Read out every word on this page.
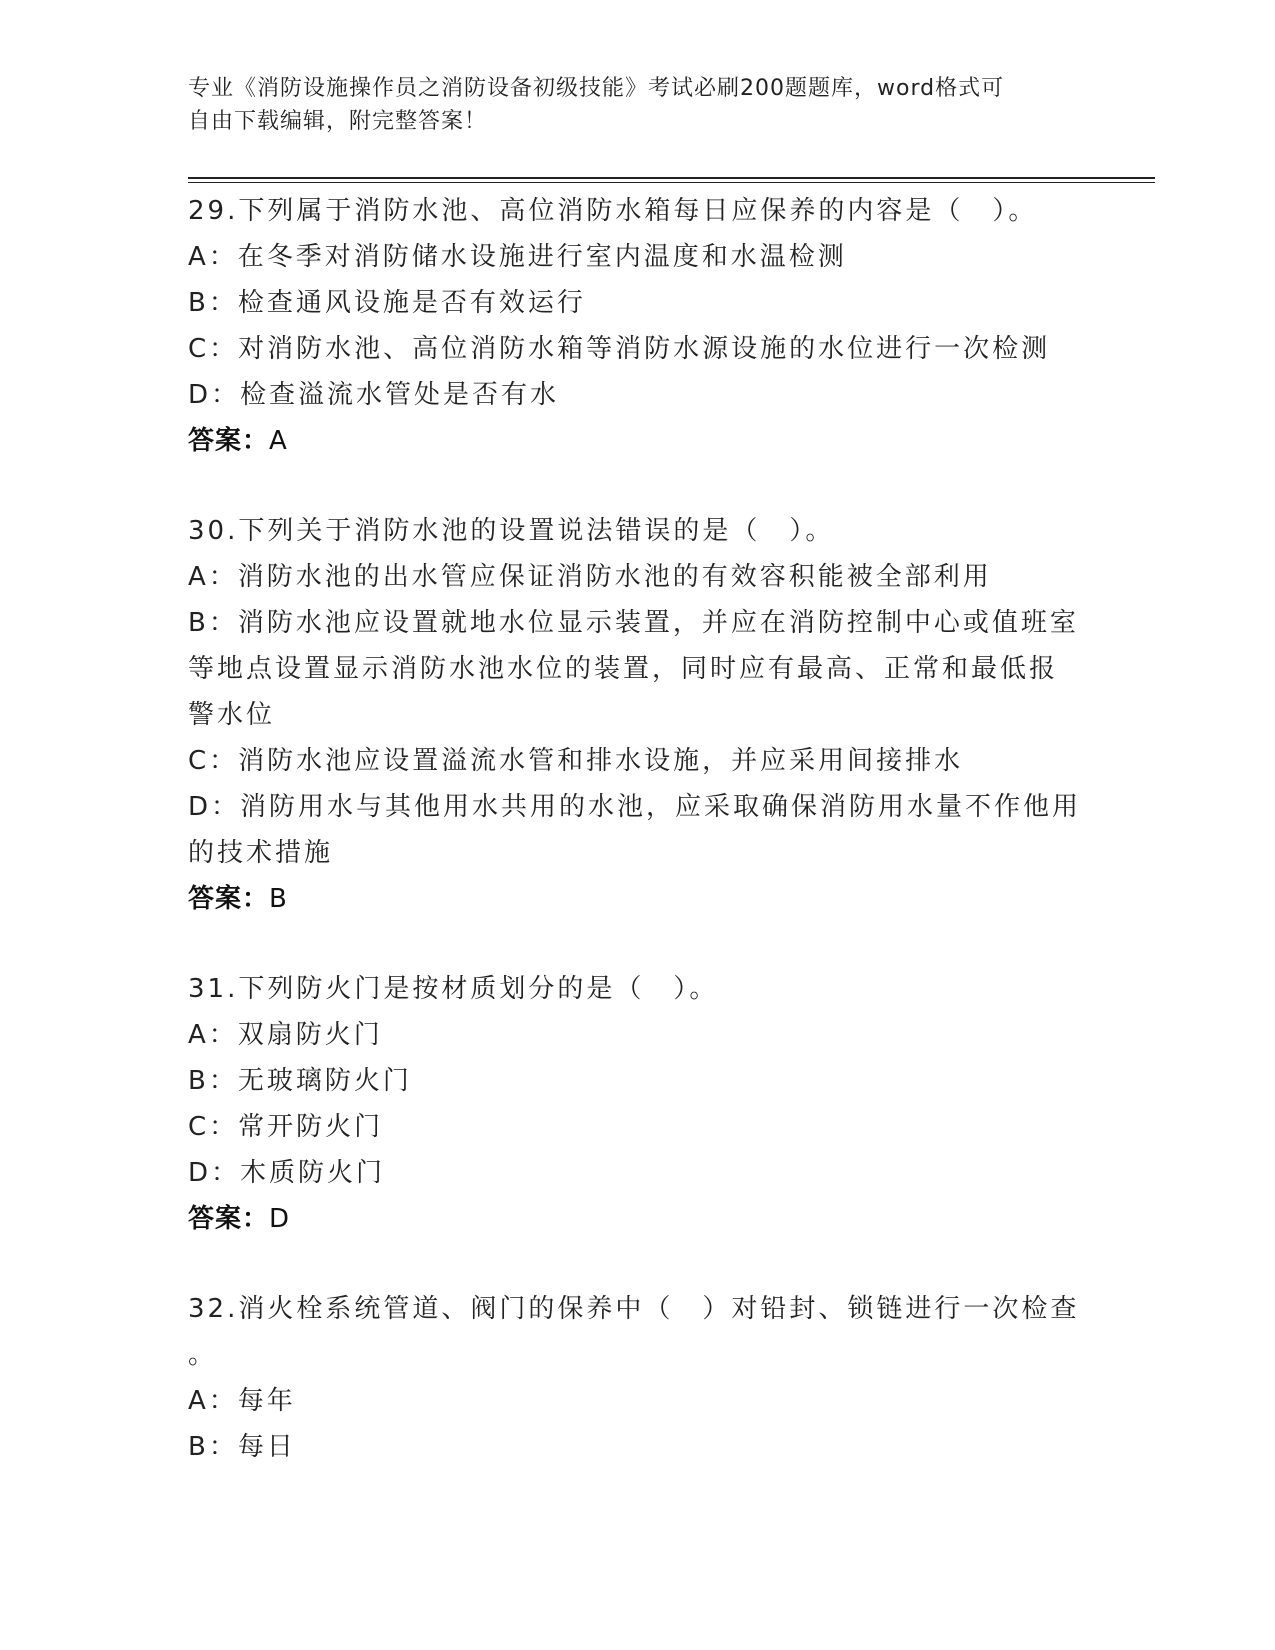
专业《消防设施操作员之消防设备初级技能》考试必刷200题题库，word格式可
自由下载编辑，附完整答案！
29.下列属于消防水池、高位消防水箱每日应保养的内容是（　）。
A：在冬季对消防储水设施进行室内温度和水温检测
B：检查通风设施是否有效运行
C：对消防水池、高位消防水箱等消防水源设施的水位进行一次检测
D：检查溢流水管处是否有水
答案：A
30.下列关于消防水池的设置说法错误的是（　）。
A：消防水池的出水管应保证消防水池的有效容积能被全部利用
B：消防水池应设置就地水位显示装置，并应在消防控制中心或值班室
等地点设置显示消防水池水位的装置，同时应有最高、正常和最低报
警水位
C：消防水池应设置溢流水管和排水设施，并应采用间接排水
D：消防用水与其他用水共用的水池，应采取确保消防用水量不作他用
的技术措施
答案：B
31.下列防火门是按材质划分的是（　）。
A：双扇防火门
B：无玻璃防火门
C：常开防火门
D：木质防火门
答案：D
32.消火栓系统管道、阀门的保养中（　）对铅封、锁链进行一次检查
。
A：每年
B：每日
